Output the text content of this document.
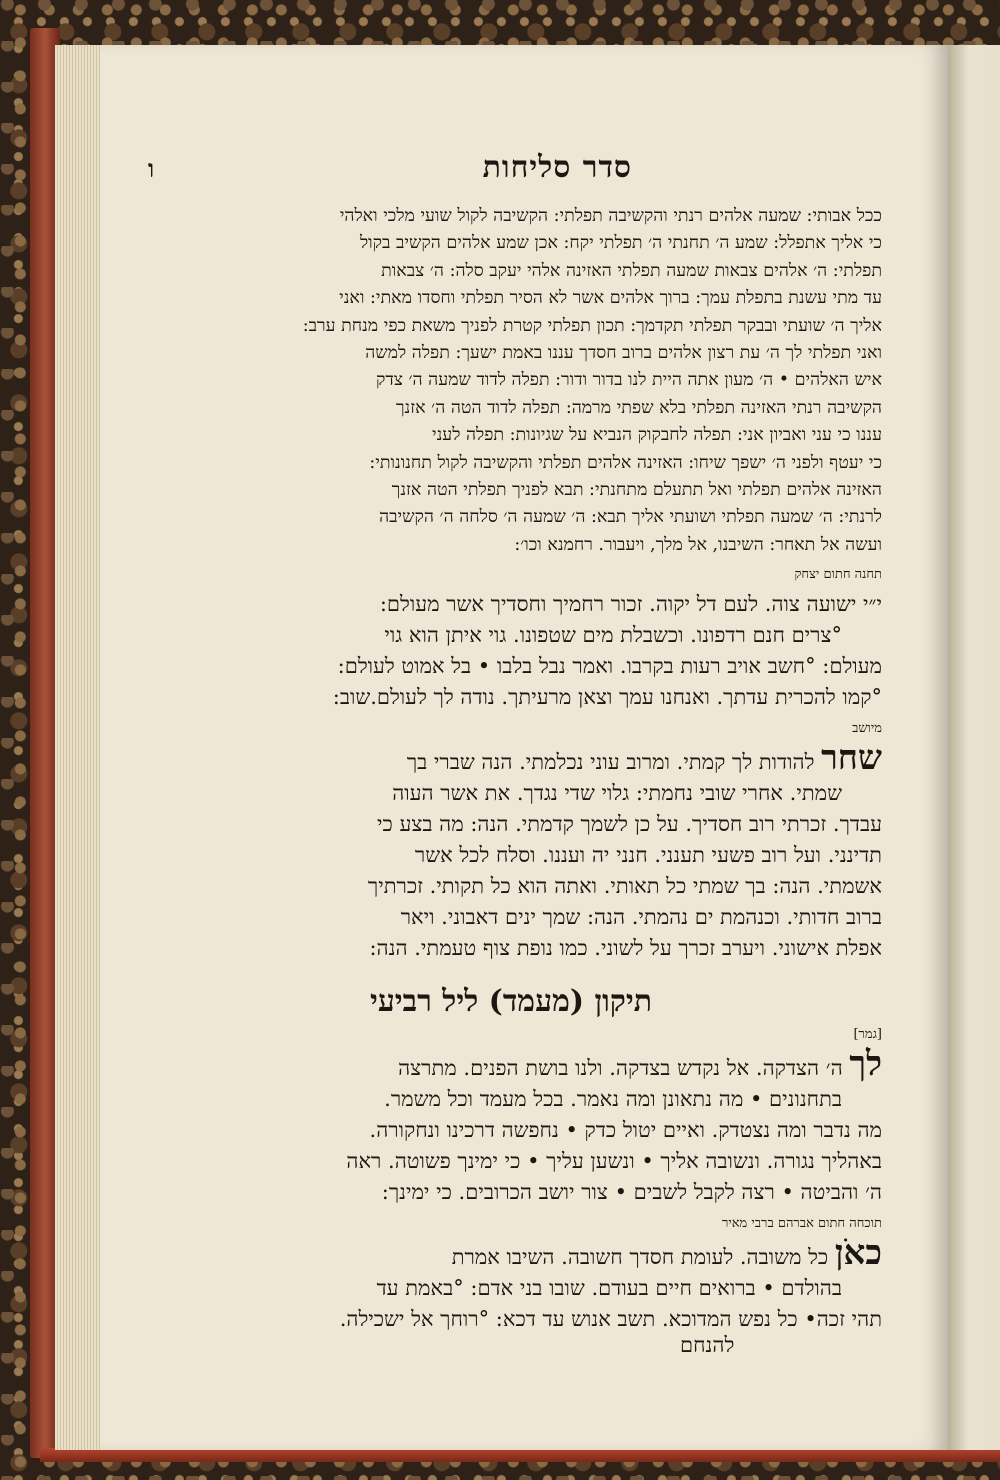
סדר סליחות
ו
ככל אבותי: שמעה אלהים רנתי והקשיבה תפלתי: הקשיבה לקול שועי מלכי ואלהי
כי אליך אתפלל: שמע ה׳ תחנתי ה׳ תפלתי יקח: אכן שמע אלהים הקשיב בקול
תפלתי: ה׳ אלהים צבאות שמעה תפלתי האזינה אלהי יעקב סלה: ה׳ צבאות
עד מתי עשנת בתפלת עמך: ברוך אלהים אשר לא הסיר תפלתי וחסדו מאתי: ואני
אליך ה׳ שועתי ובבקר תפלתי תקדמך: תכון תפלתי קטרת לפניך משאת כפי מנחת ערב:
ואני תפלתי לך ה׳ עת רצון אלהים ברוב חסדך עננו באמת ישעך: תפלה למשה
איש האלהים • ה׳ מעון אתה היית לנו בדור ודור: תפלה לדוד שמעה ה׳ צדק
הקשיבה רנתי האזינה תפלתי בלא שפתי מרמה: תפלה לדוד הטה ה׳ אזנך
עננו כי עני ואביון אני: תפלה לחבקוק הנביא על שגיונות: תפלה לעני
כי יעטף ולפני ה׳ ישפך שיחו: האזינה אלהים תפלתי והקשיבה לקול תחנונותי:
האזינה אלהים תפלתי ואל תתעלם מתחנתי: תבא לפניך תפלתי הטה אזנך
לרנתי: ה׳ שמעה תפלתי ושועתי אליך תבא: ה׳ שמעה ה׳ סלחה ה׳ הקשיבה
ועשה אל תאחר: השיבנו, אל מלך, ויעבור. רחמנא וכו׳:
תחנה חתום יצחק
י״י ישועה צוה. לעם דל יקוה. זכור רחמיך וחסדיך אשר מעולם:
°צרים חנם רדפונו. וכשבלת מים שטפונו. גוי איתן הוא גוי
מעולם: °חשב אויב רעות בקרבו. ואמר נבל בלבו • בל אמוט לעולם:
°קמו להכרית עדתך. ואנחנו עמך וצאן מרעיתך. נודה לך לעולם.שוב:
מיושב
שחר להודות לך קמתי. ומרוב עוני נכלמתי. הנה שברי בך
שמתי. אחרי שובי נחמתי: גלוי שדי נגדך. את אשר העוה
עבדך. זכרתי רוב חסדיך. על כן לשמך קדמתי. הנה: מה בצע כי
תדינני. ועל רוב פשעי תענני. חנני יה ועננו. וסלח לכל אשר
אשמתי. הנה: בך שמתי כל תאותי. ואתה הוא כל תקותי. זכרתיך
ברוב חדותי. וכנהמת ים נהמתי. הנה: שמך ינים דאבוני. ויאר
אפלת אישוני. ויערב זכרך על לשוני. כמו נופת צוף טעמתי. הנה:
תיקון (מעמד) ליל רביעי
[גמר]
לך ה׳ הצדקה. אל נקדש בצדקה. ולנו בושת הפנים. מתרצה
בתחנונים • מה נתאונן ומה נאמר. בכל מעמד וכל משמר.
מה נדבר ומה נצטדק. ואיים יטול כדק • נחפשה דרכינו ונחקורה.
באהליך נגורה. ונשובה אליך • ונשען עליך • כי ימינך פשוטה. ראה
ה׳ והביטה • רצה לקבל לשבים • צור יושב הכרובים. כי ימינך:
תוכחה חתום אברהם ברבי מאיר
כאֹן כל משובה. לעומת חסדך חשובה. השיבו אמרת
בהולדם • ברואים חיים בעודם. שובו בני אדם: °באמת עד
תהי זכה• כל נפש המדוכא. תשב אנוש עד דכא: °רוחך אל ישכילה.
להנחם
